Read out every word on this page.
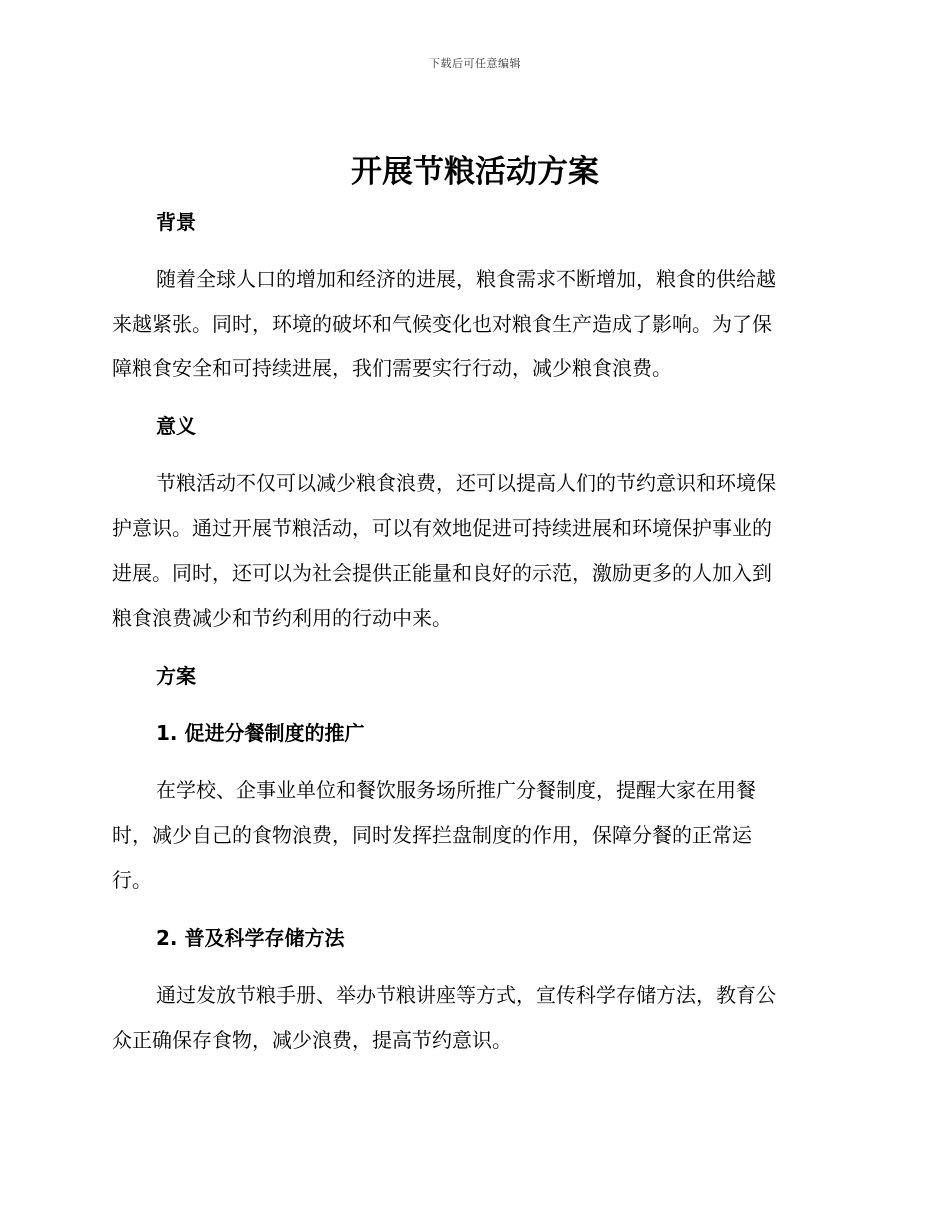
下载后可任意编辑
开展节粮活动方案
背景
随着全球人口的增加和经济的进展，粮食需求不断增加，粮食的供给越
来越紧张。同时，环境的破坏和气候变化也对粮食生产造成了影响。为了保
障粮食安全和可持续进展，我们需要实行行动，减少粮食浪费。
意义
节粮活动不仅可以减少粮食浪费，还可以提高人们的节约意识和环境保
护意识。通过开展节粮活动，可以有效地促进可持续进展和环境保护事业的
进展。同时，还可以为社会提供正能量和良好的示范，激励更多的人加入到
粮食浪费减少和节约利用的行动中来。
方案
1. 促进分餐制度的推广
在学校、企事业单位和餐饮服务场所推广分餐制度，提醒大家在用餐
时，减少自己的食物浪费，同时发挥拦盘制度的作用，保障分餐的正常运
行。
2. 普及科学存储方法
通过发放节粮手册、举办节粮讲座等方式，宣传科学存储方法，教育公
众正确保存食物，减少浪费，提高节约意识。
